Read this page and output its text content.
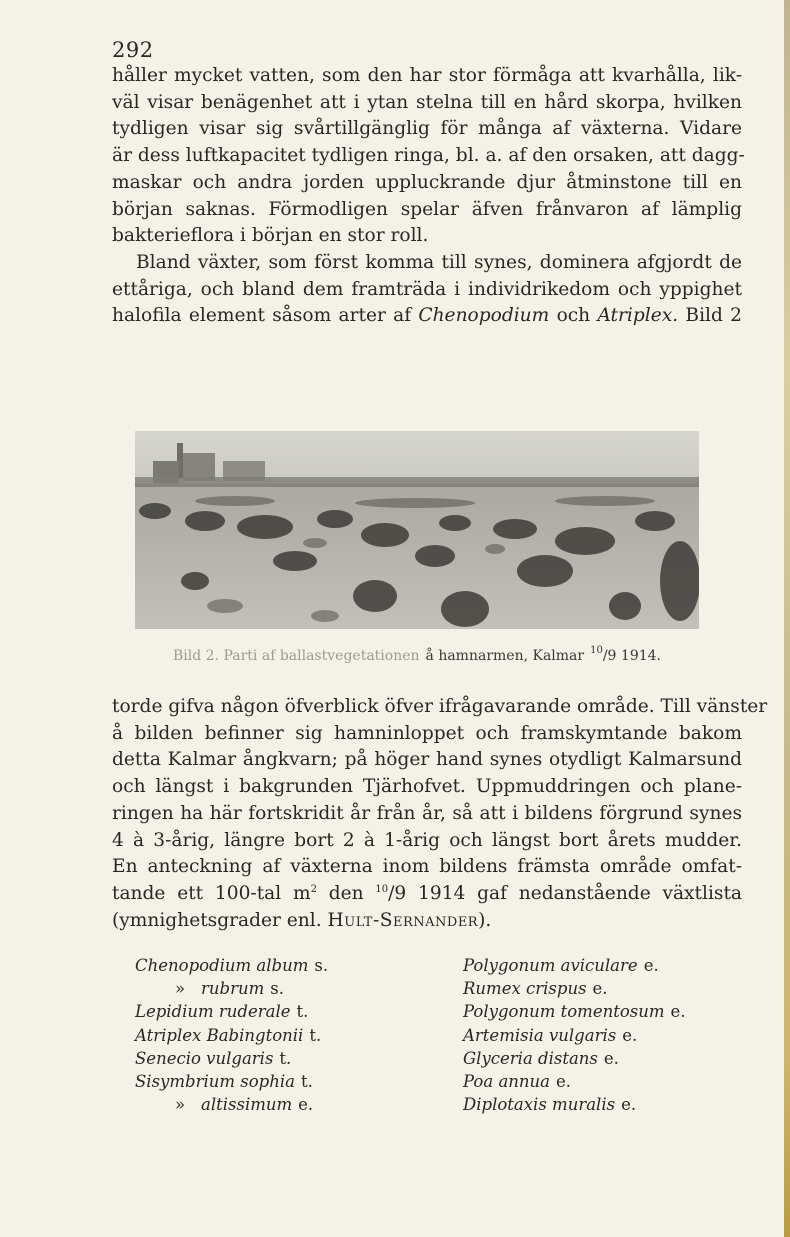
292

håller mycket vatten, som den har stor förmåga att kvarhålla, lik-
väl visar benägenhet att i ytan stelna till en hård skorpa, hvilken
tydligen visar sig svårtillgänglig för många af växterna. Vidare
är dess luftkapacitet tydligen ringa, bl. a. af den orsaken, att dagg-
maskar och andra jorden uppluckrande djur åtminstone till en
början saknas. Förmodligen spelar äfven frånvaron af lämplig
bakterieflora i början en stor roll.

Bland växter, som först komma till synes, dominera afgjordt de
ettåriga, och bland dem framträda i individrikedom och yppighet
halofila element såsom arter af Chenopodium och Atriplex. Bild 2

Bild 2. Parti af ballastvegetationen å hamnarmen, Kalmar $^{10}$/9 1914.

torde gifva någon öfverblick öfver ifrågavarande område. Till vänster
å bilden befinner sig hamninloppet och framskymtande bakom
detta Kalmar ångkvarn; på höger hand synes otydligt Kalmarsund
och längst i bakgrunden Tjärhofvet. Uppmuddringen och plane-
ringen ha här fortskridit år från år, så att i bildens förgrund synes
4 à 3-årig, längre bort 2 à 1-årig och längst bort årets mudder.
En anteckning af växterna inom bildens främsta område omfat-
tande ett 100-tal $m^2$ den $^{10}$/9 1914 gaf nedanstående växtlista
(ymnighetsgrader enl. Hult-Sernander).

Chenopodium album s.
» rubrum s.
Lepidium ruderale t.
Atriplex Babingtonii t.
Senecio vulgaris t.
Sisymbrium sophia t.
» altissimum e.
Polygonum aviculare e.
Rumex crispus e.
Polygonum tomentosum e.
Artemisia vulgaris e.
Glyceria distans e.
Poa annua e.
Diplotaxis muralis e.
